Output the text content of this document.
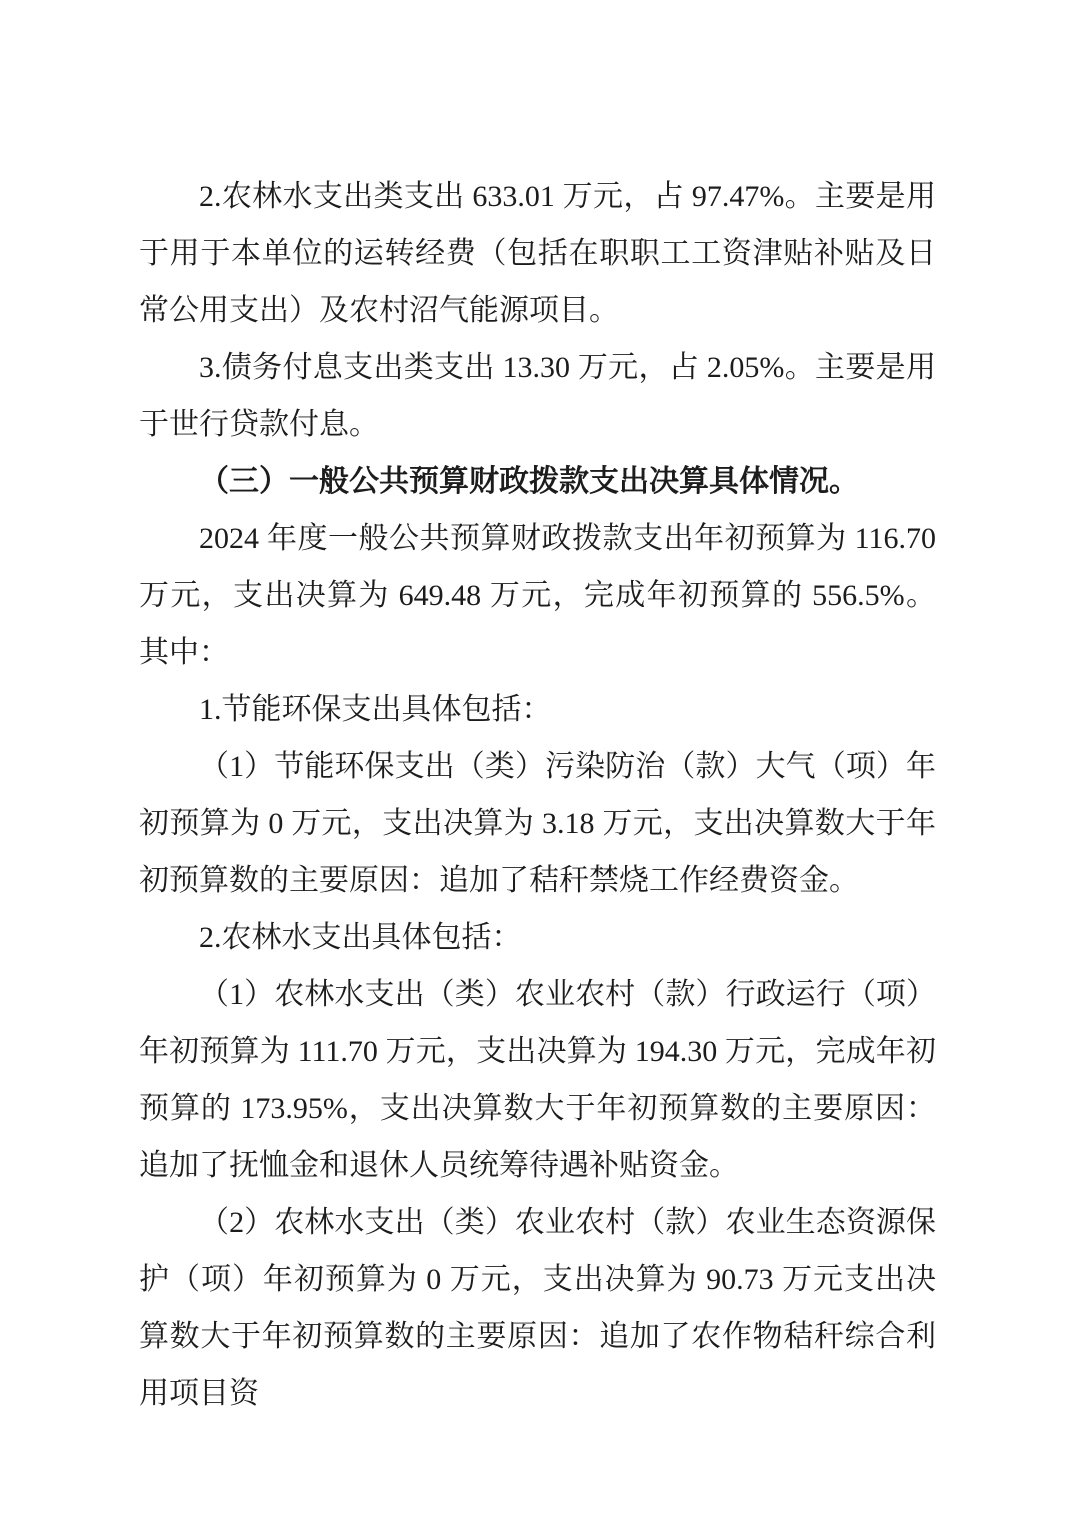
2.农林水支出类支出 633.01 万元，占 97.47%。主要是用于用于本单位的运转经费（包括在职职工工资津贴补贴及日常公用支出）及农村沼气能源项目。

3.债务付息支出类支出 13.30 万元，占 2.05%。主要是用于世行贷款付息。

（三）一般公共预算财政拨款支出决算具体情况。

2024 年度一般公共预算财政拨款支出年初预算为 116.70 万元，支出决算为 649.48 万元，完成年初预算的 556.5%。其中：

1.节能环保支出具体包括：

（1）节能环保支出（类）污染防治（款）大气（项）年初预算为 0 万元，支出决算为 3.18 万元，支出决算数大于年初预算数的主要原因：追加了秸秆禁烧工作经费资金。

2.农林水支出具体包括：

（1）农林水支出（类）农业农村（款）行政运行（项）年初预算为 111.70 万元，支出决算为 194.30 万元，完成年初预算的 173.95%，支出决算数大于年初预算数的主要原因：追加了抚恤金和退休人员统筹待遇补贴资金。

（2）农林水支出（类）农业农村（款）农业生态资源保护（项）年初预算为 0 万元，支出决算为 90.73 万元支出决算数大于年初预算数的主要原因：追加了农作物秸秆综合利用项目资
